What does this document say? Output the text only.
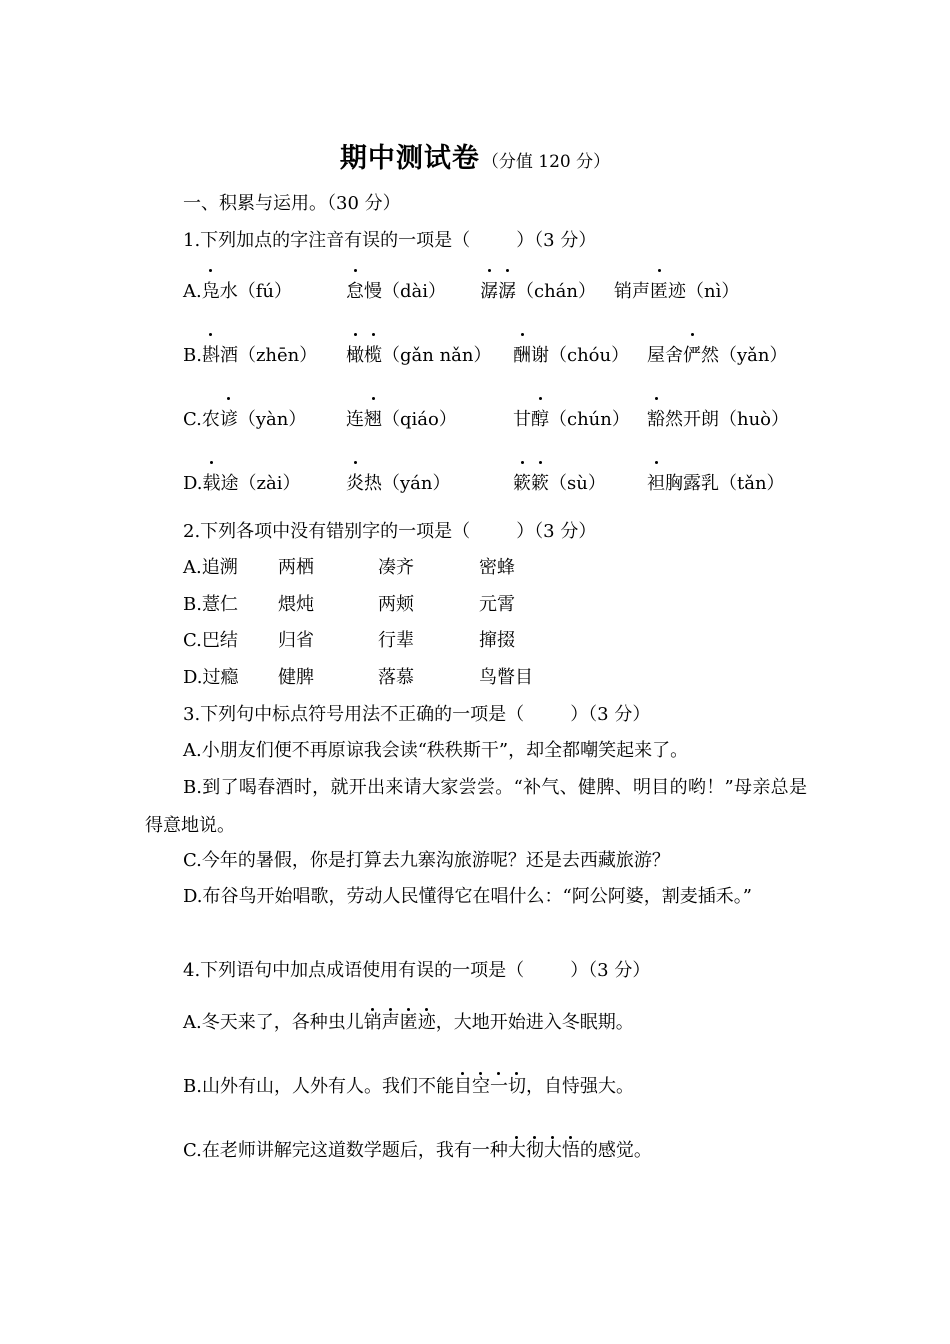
期中测试卷 （分值 120 分）
一、积累与运用。（30 分）
1.下列加点的字注音有误的一项是（	）（3 分）
A.凫水（fú）	怠慢（dài） 潺潺（chán） 销声匿迹（nì）
B.斟酒（zhēn） 橄榄（gǎn nǎn） 酬谢（chóu） 屋舍俨然（yǎn）
C.农谚（yàn） 连翘（qiáo）	甘醇（chún） 豁然开朗（huò）
D.载途（zài）	炎热（yán）	簌簌（sù） 袒胸露乳（tǎn）
2.下列各项中没有错别字的一项是（	）（3 分）
A.追溯 两栖	凑齐	密蜂
B.薏仁 煨炖	两颊	元霄
C.巴结 归省	行辈	撺掇
D.过瘾 健脾	落慕	鸟瞥目
3.下列句中标点符号用法不正确的一项是（	）（3 分）
A.小朋友们便不再原谅我会读“秩秩斯干”，却全都嘲笑起来了。
B.到了喝春酒时，就开出来请大家尝尝。“补气、健脾、明目的哟！”母亲总是得意地说。
C.今年的暑假，你是打算去九寨沟旅游呢？还是去西藏旅游？
D.布谷鸟开始唱歌，劳动人民懂得它在唱什么：“阿公阿婆，割麦插禾。”
4.下列语句中加点成语使用有误的一项是（	）（3 分）
A.冬天来了，各种虫儿销声匿迹，大地开始进入冬眠期。
B.山外有山，人外有人。我们不能目空一切，自恃强大。
C.在老师讲解完这道数学题后，我有一种大彻大悟的感觉。
